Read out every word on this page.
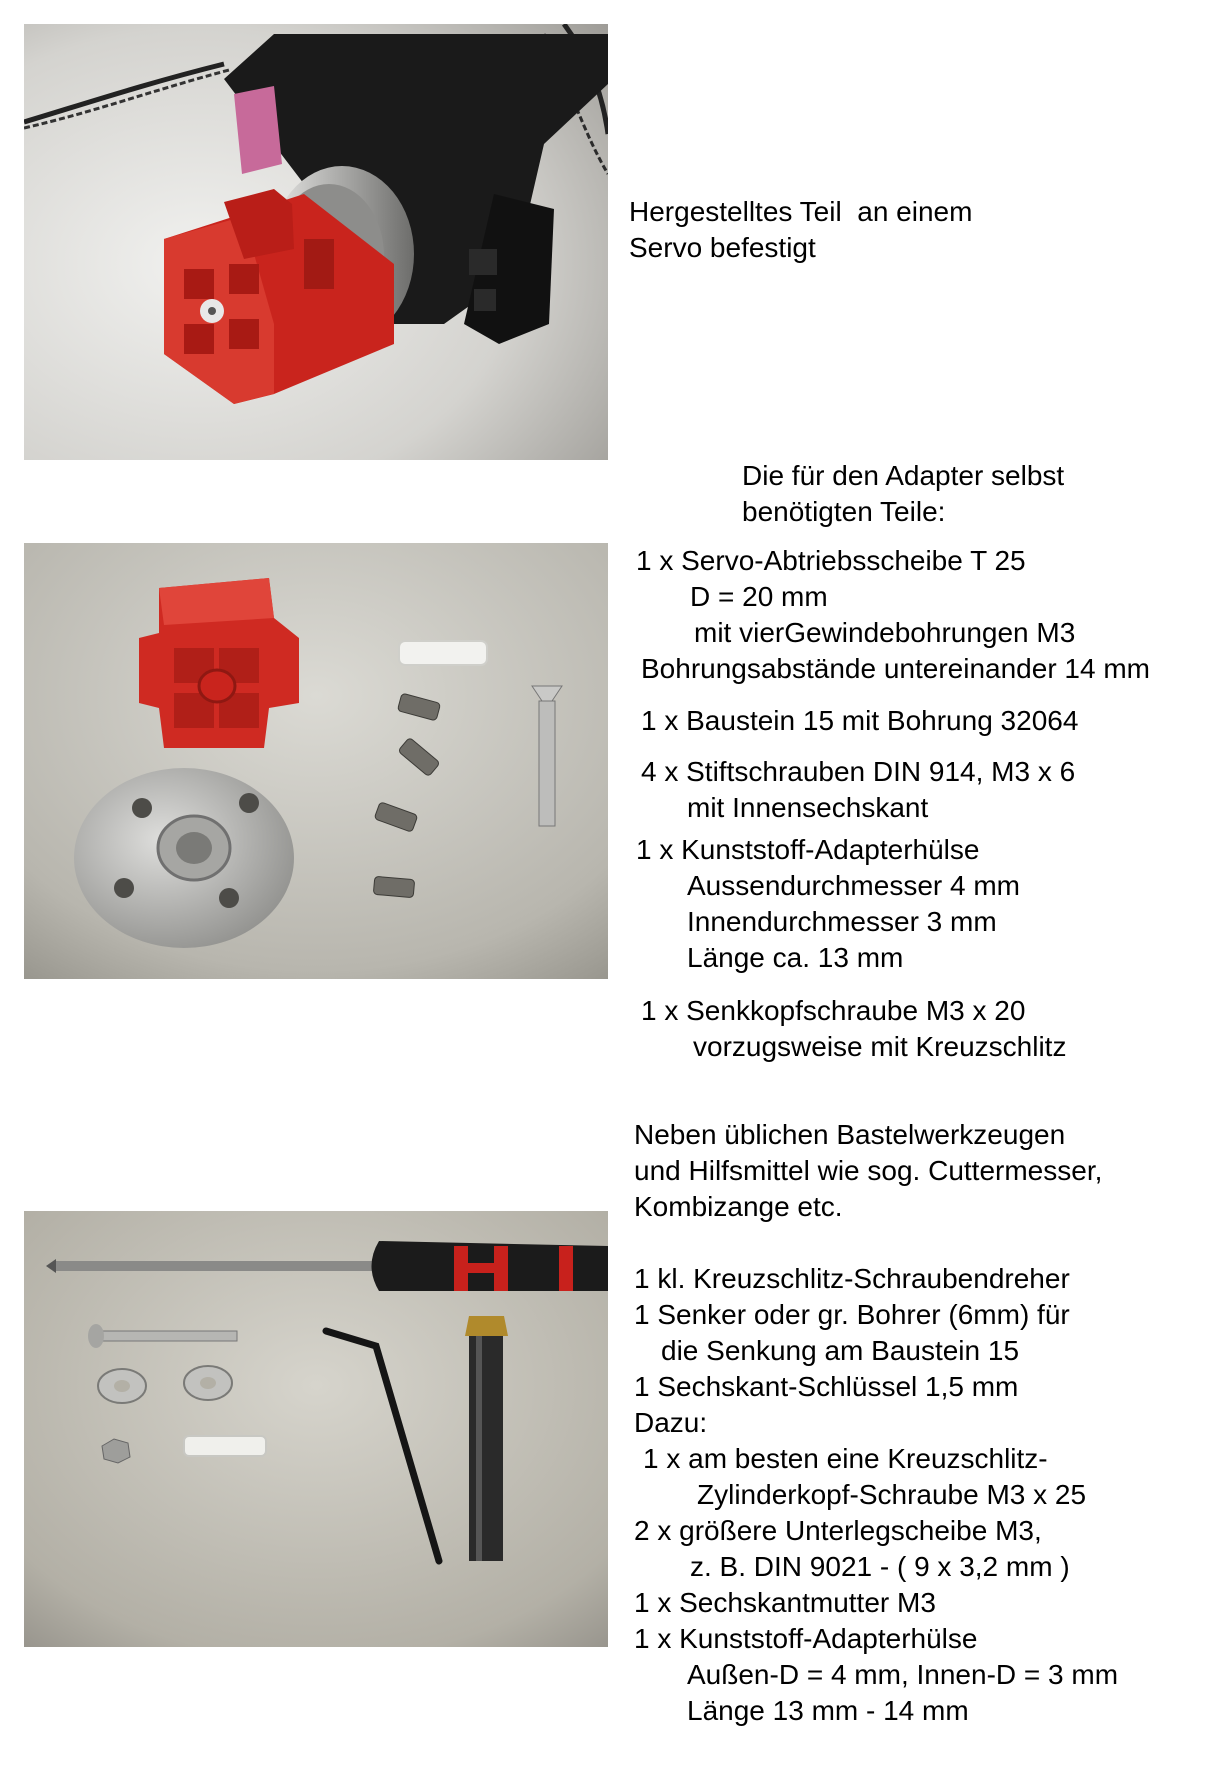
Hergestelltes Teil  an einem
Servo befestigt
Die für den Adapter selbst
benötigten Teile:
1 x Servo-Abtriebsscheibe T 25
D = 20 mm
mit vierGewindebohrungen M3
Bohrungsabstände untereinander 14 mm
1 x Baustein 15 mit Bohrung 32064
4 x Stiftschrauben DIN 914, M3 x 6
mit Innensechskant
1 x Kunststoff-Adapterhülse
Aussendurchmesser 4 mm
Innendurchmesser 3 mm
Länge ca. 13 mm
1 x Senkkopfschraube M3 x 20
vorzugsweise mit Kreuzschlitz
Neben üblichen Bastelwerkzeugen
und Hilfsmittel wie sog. Cuttermesser,
Kombizange etc.
1 kl. Kreuzschlitz-Schraubendreher
1 Senker oder gr. Bohrer (6mm) für
die Senkung am Baustein 15
1 Sechskant-Schlüssel 1,5 mm
Dazu:
1 x am besten eine Kreuzschlitz-
Zylinderkopf-Schraube M3 x 25
2 x größere Unterlegscheibe M3,
z. B. DIN 9021 - ( 9 x 3,2 mm )
1 x Sechskantmutter M3
1 x Kunststoff-Adapterhülse
Außen-D = 4 mm, Innen-D = 3 mm
Länge 13 mm - 14 mm
